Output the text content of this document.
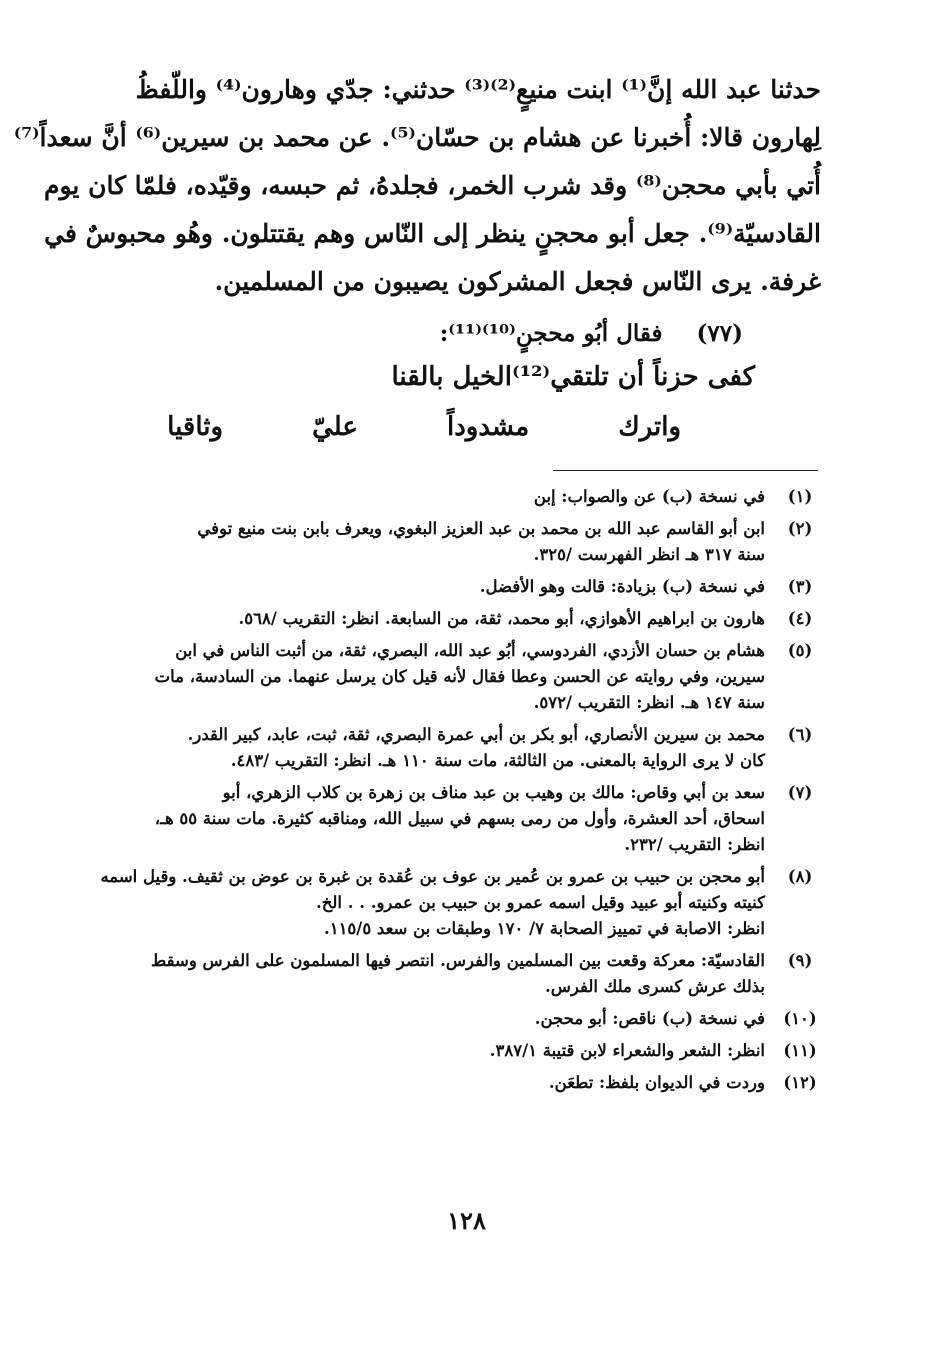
حدثنا عبد الله إنَّ⁽¹⁾ ابنت منيعٍ⁽²⁾⁽³⁾ حدثني: جدّي وهارون⁽⁴⁾ واللّفظُ
لِهارون قالا: أُخبرنا عن هشام بن حسّان⁽⁵⁾. عن محمد بن سيرين⁽⁶⁾ أنَّ سعداً⁽⁷⁾
أُتي بأبي محجن⁽⁸⁾ وقد شرب الخمر، فجلدهُ، ثم حبسه، وقيّده، فلمّا كان يوم
القادسيّة⁽⁹⁾. جعل أبو محجنٍ ينظر إلى النّاس وهم يقتتلون. وهُو محبوسٌ في
غرفة. يرى النّاس فجعل المشركون يصيبون من المسلمين.
(٧٧) فقال أبُو محجنٍ⁽¹⁰⁾⁽¹¹⁾:
كفى حزناً أن تلتقي⁽¹²⁾الخيل بالقنا
واترك مشدوداً عليّ وثاقيا
(١)
في نسخة (ب) عن والصواب: إبن
(٢)
ابن أبو القاسم عبد الله بن محمد بن عبد العزيز البغوي، ويعرف بابن بنت منيع توفي
سنة ٣١٧ هـ انظر الفهرست /٣٢٥.
(٣)
في نسخة (ب) بزيادة: قالت وهو الأفضل.
(٤)
هارون بن ابراهيم الأهوازي، أبو محمد، ثقة، من السابعة. انظر: التقريب /٥٦٨.
(٥)
هشام بن حسان الأزدي، الفردوسي، أبُو عبد الله، البصري، ثقة، من أثبت الناس في ابن
سيرين، وفي روايته عن الحسن وعطا فقال لأنه قيل كان يرسل عنهما. من السادسة، مات
سنة ١٤٧ هـ. انظر: التقريب /٥٧٢.
(٦)
محمد بن سيرين الأنصاري، أبو بكر بن أبي عمرة البصري، ثقة، ثبت، عابد، كبير القدر.
كان لا يرى الرواية بالمعنى. من الثالثة، مات سنة ١١٠ هـ. انظر: التقريب /٤٨٣.
(٧)
سعد بن أبي وقاص: مالك بن وهيب بن عبد مناف بن زهرة بن كلاب الزهري، أبو
اسحاق، أحد العشرة، وأول من رمى بسهم في سبيل الله، ومناقبه كثيرة. مات سنة ٥٥ هـ،
انظر: التقريب /٢٣٢.
(٨)
أبو محجن بن حبيب بن عمرو بن عُمير بن عوف بن عُقدة بن غبرة بن عوض بن ثقيف. وقيل اسمه
كنيته وكنيته أبو عبيد وقيل اسمه عمرو بن حبيب بن عمرو. . . الخ.
انظر: الاصابة في تمييز الصحابة ٧/ ١٧٠ وطبقات بن سعد ١١٥/٥.
(٩)
القادسيّة: معركة وقعت بين المسلمين والفرس. انتصر فيها المسلمون على الفرس وسقط
بذلك عرش كسرى ملك الفرس.
(١٠)
في نسخة (ب) ناقص: أبو محجن.
(١١)
انظر: الشعر والشعراء لابن قتيبة ٣٨٧/١.
(١٢)
وردت في الديوان بلفظ: تطعَن.
١٢٨
